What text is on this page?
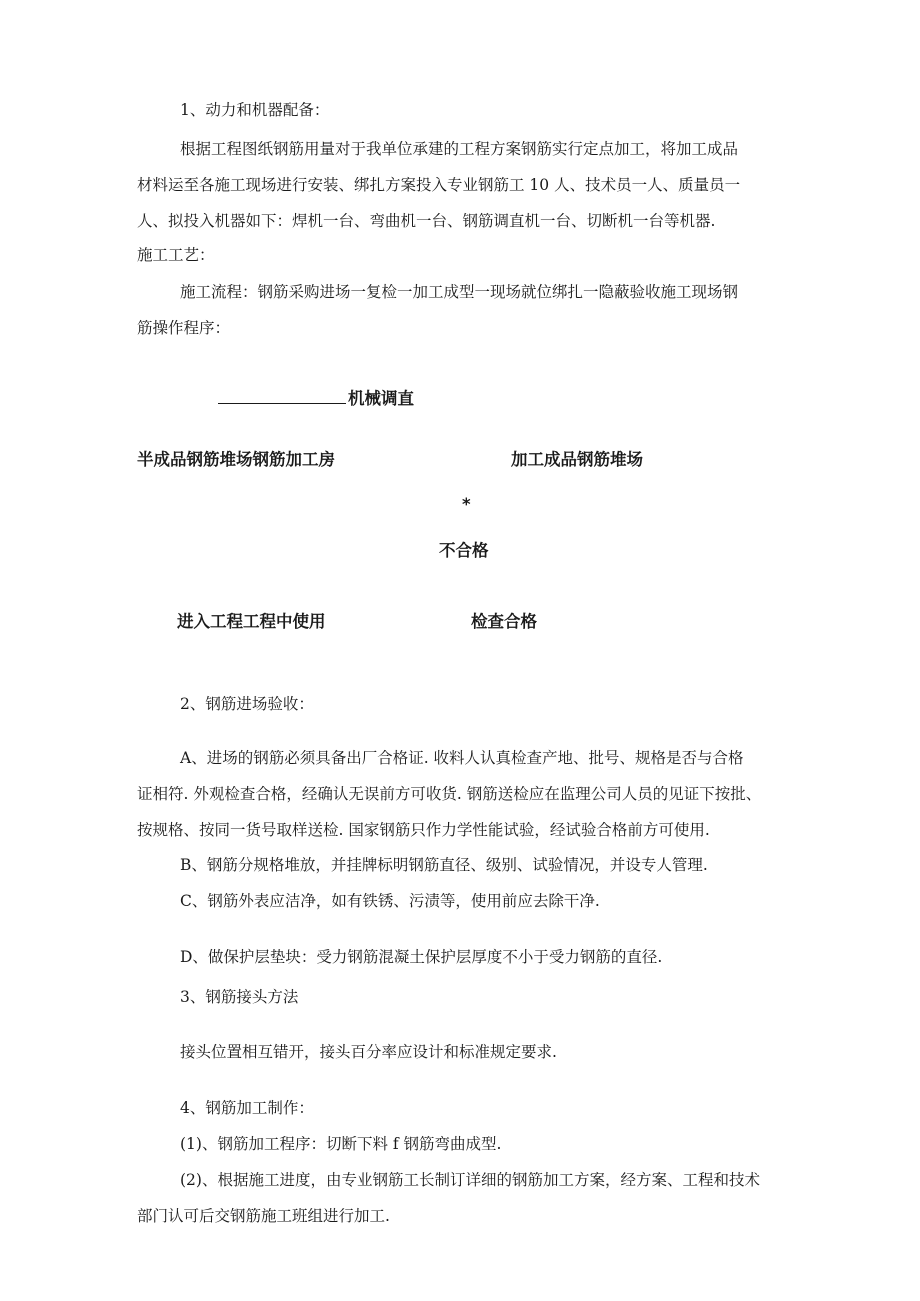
1、动力和机器配备：
根据工程图纸钢筋用量对于我单位承建的工程方案钢筋实行定点加工，将加工成品
材料运至各施工现场进行安装、绑扎方案投入专业钢筋工 10 人、技术员一人、质量员一
人、拟投入机器如下：焊机一台、弯曲机一台、钢筋调直机一台、切断机一台等机器.
施工工艺：
施工流程：钢筋采购进场一复检一加工成型一现场就位绑扎一隐蔽验收施工现场钢
筋操作程序：
机械调直
半成品钢筋堆场钢筋加工房	加工成品钢筋堆场
*
不合格
进入工程工程中使用	检查合格
2、钢筋进场验收：
A、进场的钢筋必须具备出厂合格证. 收料人认真检查产地、批号、规格是否与合格
证相符. 外观检查合格，经确认无误前方可收货. 钢筋送检应在监理公司人员的见证下按批、
按规格、按同一货号取样送检. 国家钢筋只作力学性能试验，经试验合格前方可使用.
B、钢筋分规格堆放，并挂牌标明钢筋直径、级别、试验情况，并设专人管理.
C、钢筋外表应洁净，如有铁锈、污渍等，使用前应去除干净.
D、做保护层垫块：受力钢筋混凝土保护层厚度不小于受力钢筋的直径.
3、钢筋接头方法
接头位置相互错开，接头百分率应设计和标准规定要求.
4、钢筋加工制作：
(1)、钢筋加工程序：切断下料 f 钢筋弯曲成型.
(2)、根据施工进度，由专业钢筋工长制订详细的钢筋加工方案，经方案、工程和技术
部门认可后交钢筋施工班组进行加工.
